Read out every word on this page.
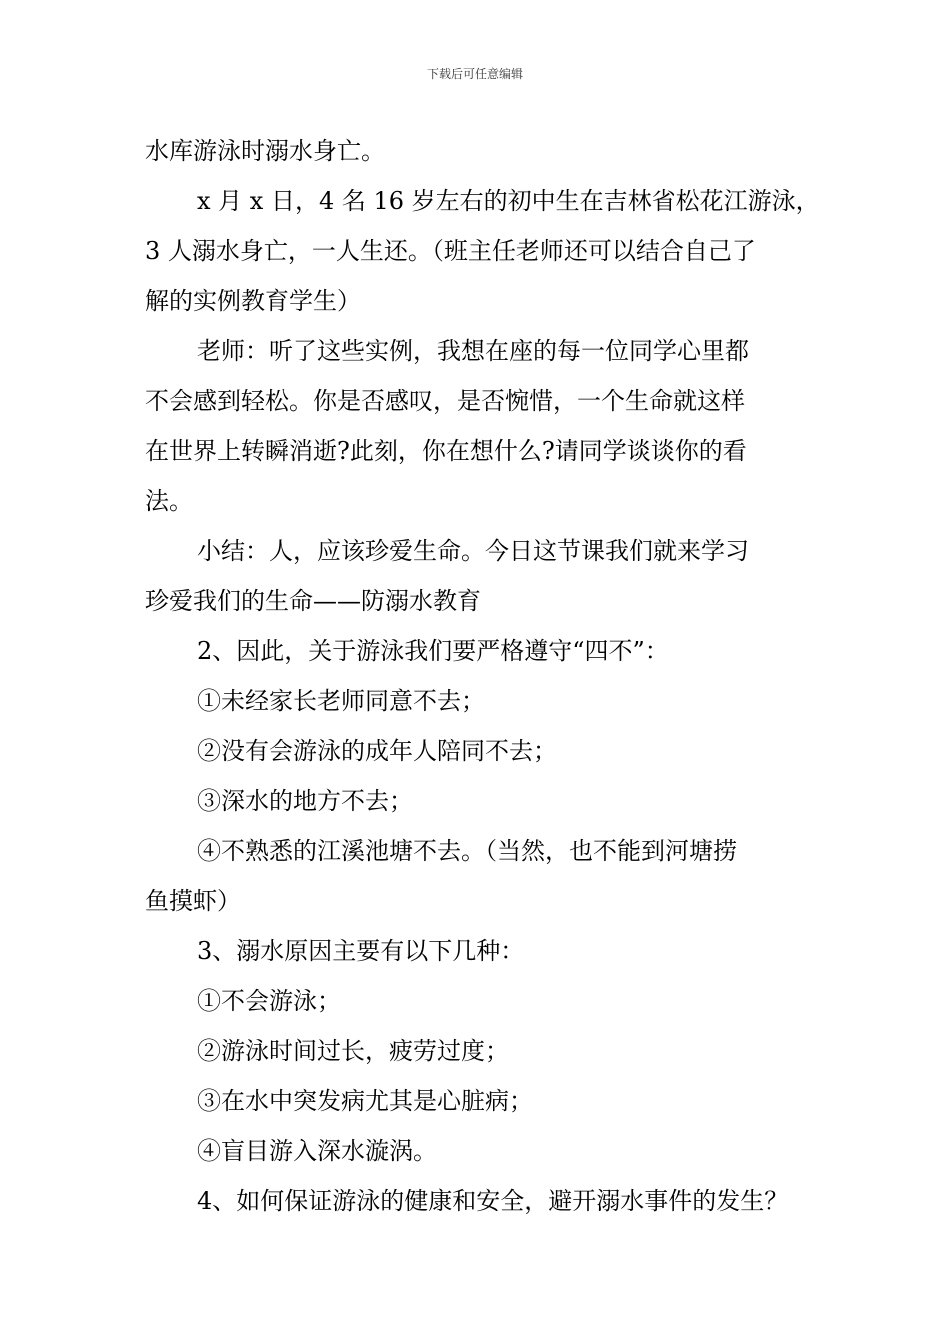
下载后可任意编辑
水库游泳时溺水身亡。
x 月 x 日，4 名 16 岁左右的初中生在吉林省松花江游泳，
3 人溺水身亡，一人生还。（班主任老师还可以结合自己了
解的实例教育学生）
老师：听了这些实例，我想在座的每一位同学心里都
不会感到轻松。你是否感叹，是否惋惜，一个生命就这样
在世界上转瞬消逝?此刻，你在想什么?请同学谈谈你的看
法。
小结：人，应该珍爱生命。今日这节课我们就来学习
珍爱我们的生命——防溺水教育
2、因此，关于游泳我们要严格遵守“四不”：
①未经家长老师同意不去；
②没有会游泳的成年人陪同不去；
③深水的地方不去；
④不熟悉的江溪池塘不去。（当然，也不能到河塘捞
鱼摸虾）
3、溺水原因主要有以下几种：
①不会游泳；
②游泳时间过长，疲劳过度；
③在水中突发病尤其是心脏病；
④盲目游入深水漩涡。
4、如何保证游泳的健康和安全，避开溺水事件的发生？
